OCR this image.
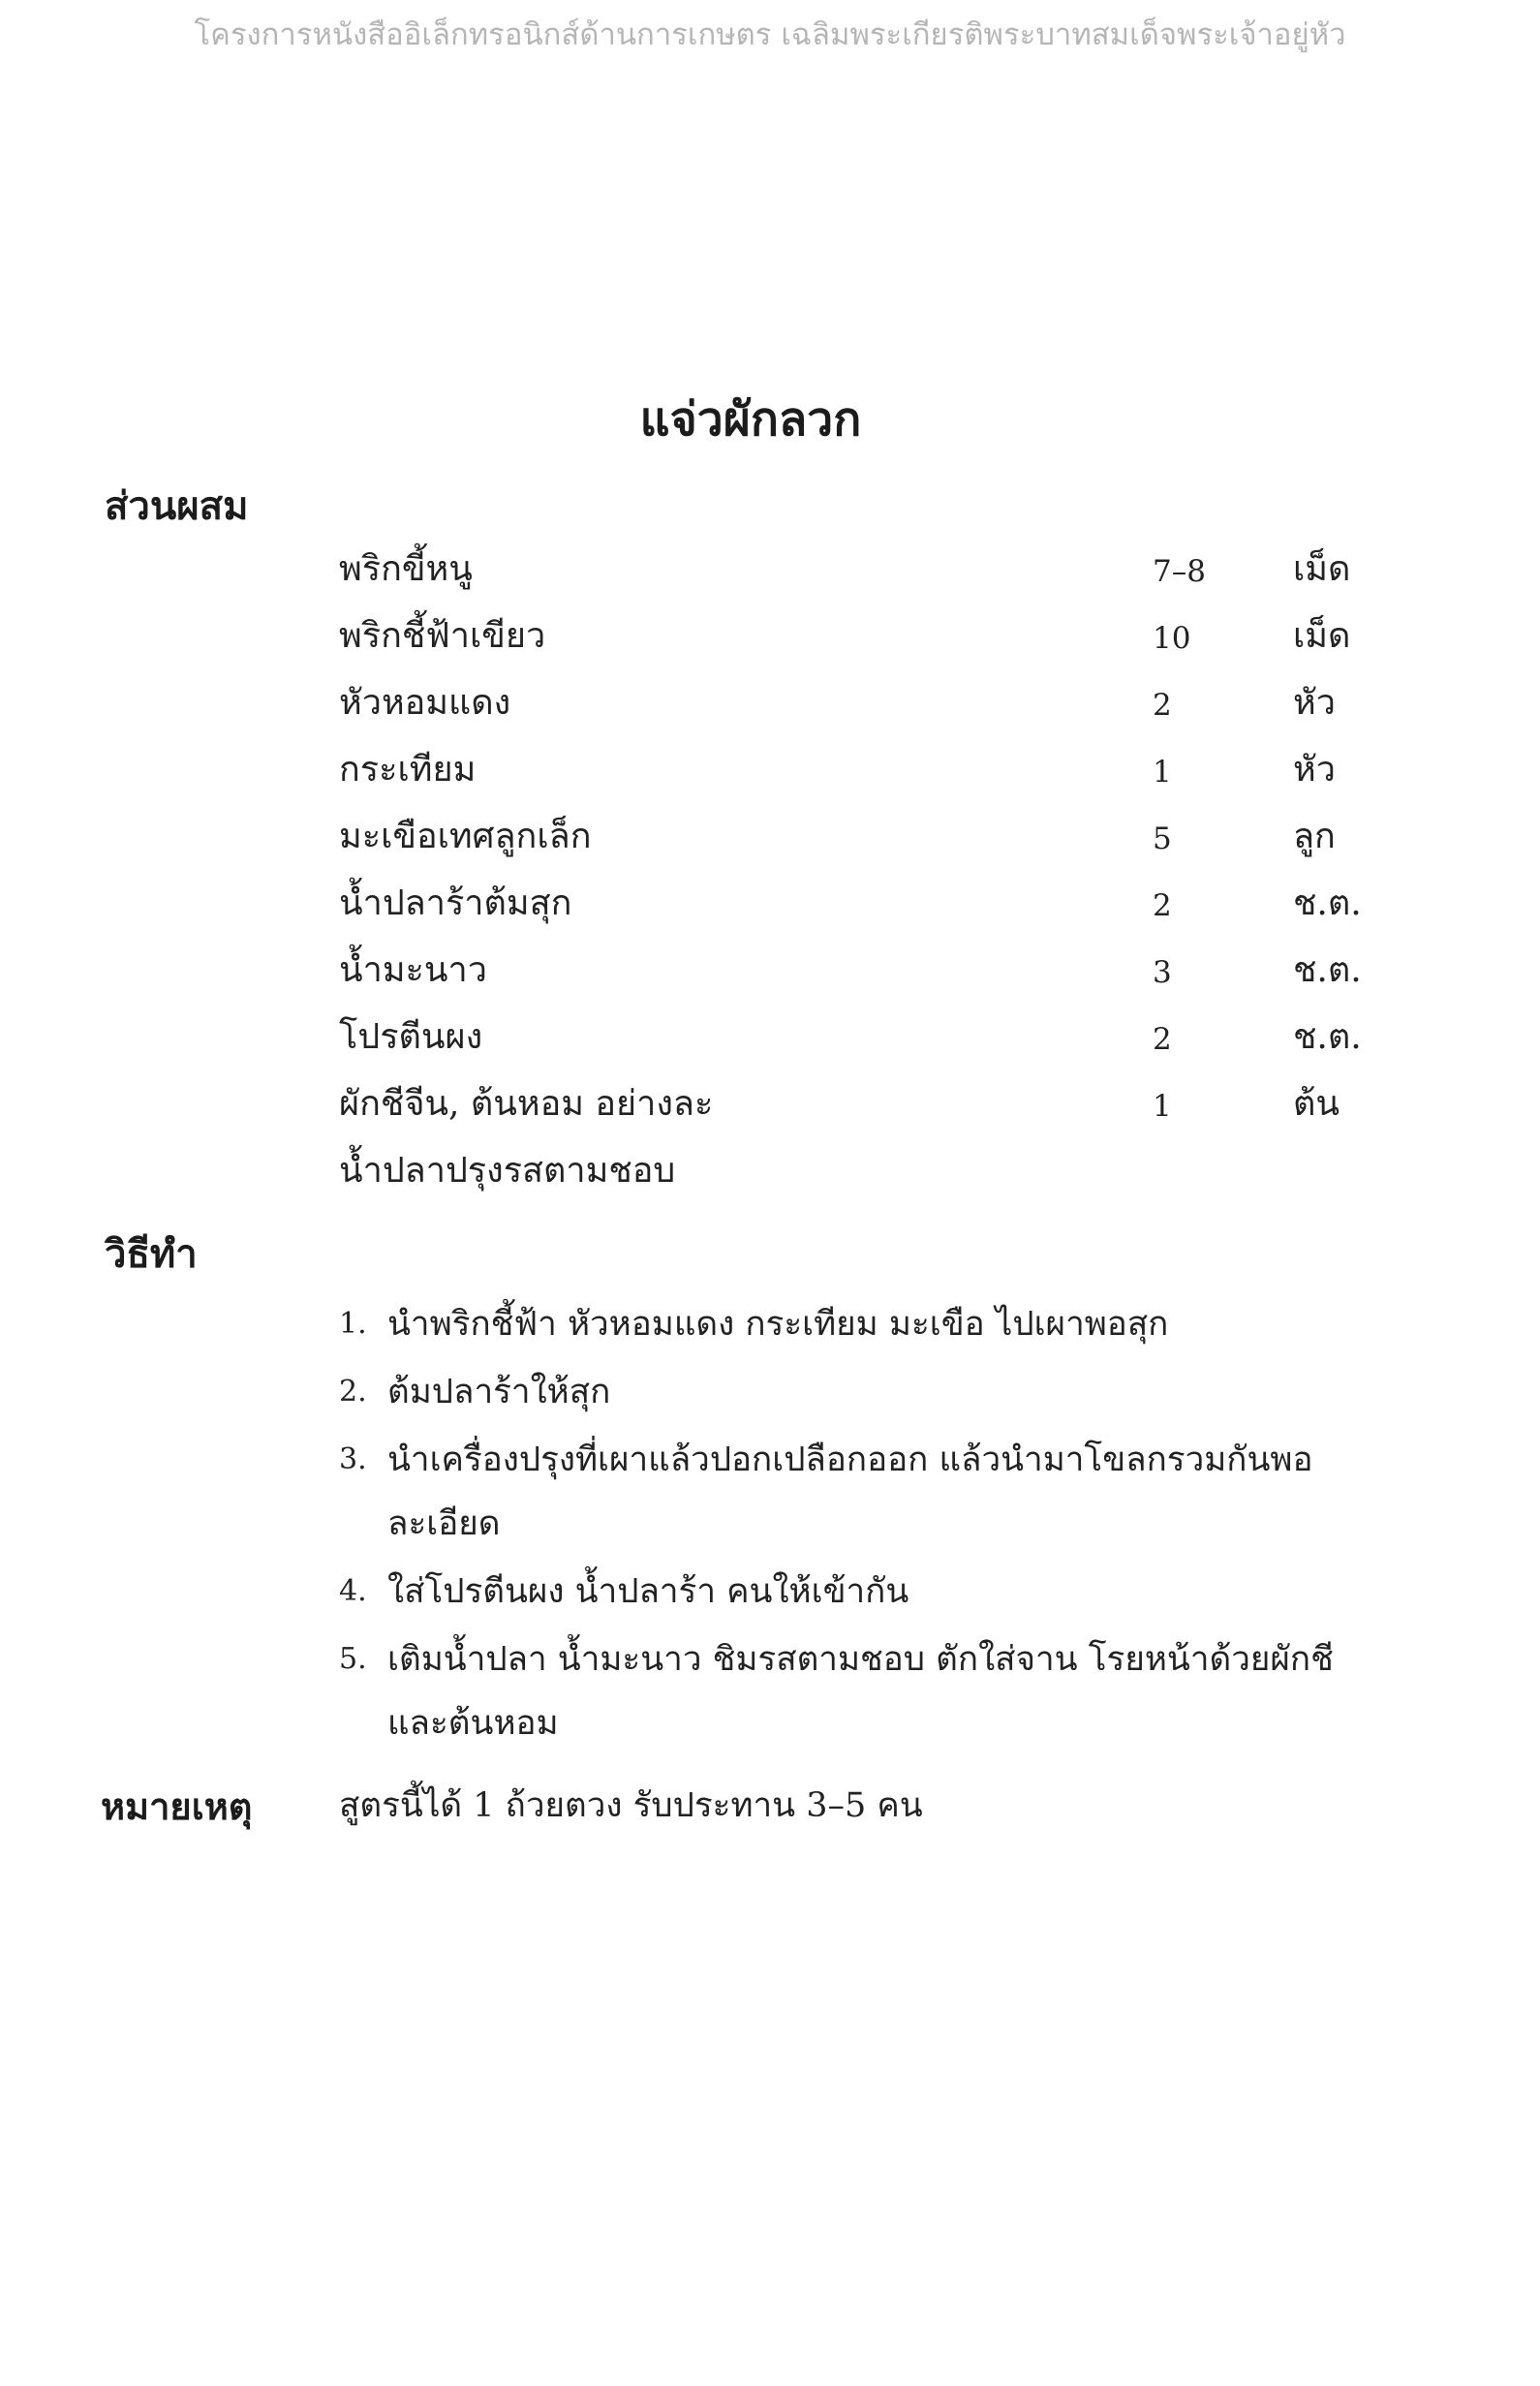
โครงการหนังสืออิเล็กทรอนิกส์ด้านการเกษตร เฉลิมพระเกียรติพระบาทสมเด็จพระเจ้าอยู่หัว
แจ่วผักลวก
ส่วนผสม
พริกขี้หนู	7–8	เม็ด
พริกชี้ฟ้าเขียว	10	เม็ด
หัวหอมแดง	2	หัว
กระเทียม	1	หัว
มะเขือเทศลูกเล็ก	5	ลูก
น้ำปลาร้าต้มสุก	2	ช.ต.
น้ำมะนาว	3	ช.ต.
โปรตีนผง	2	ช.ต.
ผักชีจีน, ต้นหอม อย่างละ	1	ต้น
น้ำปลาปรุงรสตามชอบ
วิธีทำ
1. นำพริกชี้ฟ้า หัวหอมแดง กระเทียม มะเขือ ไปเผาพอสุก
2. ต้มปลาร้าให้สุก
3. นำเครื่องปรุงที่เผาแล้วปอกเปลือกออก แล้วนำมาโขลกรวมกันพอละเอียด
4. ใส่โปรตีนผง น้ำปลาร้า คนให้เข้ากัน
5. เติมน้ำปลา น้ำมะนาว ชิมรสตามชอบ ตักใส่จาน โรยหน้าด้วยผักชีและต้นหอม
หมายเหตุ	สูตรนี้ได้ 1 ถ้วยตวง รับประทาน 3–5 คน
